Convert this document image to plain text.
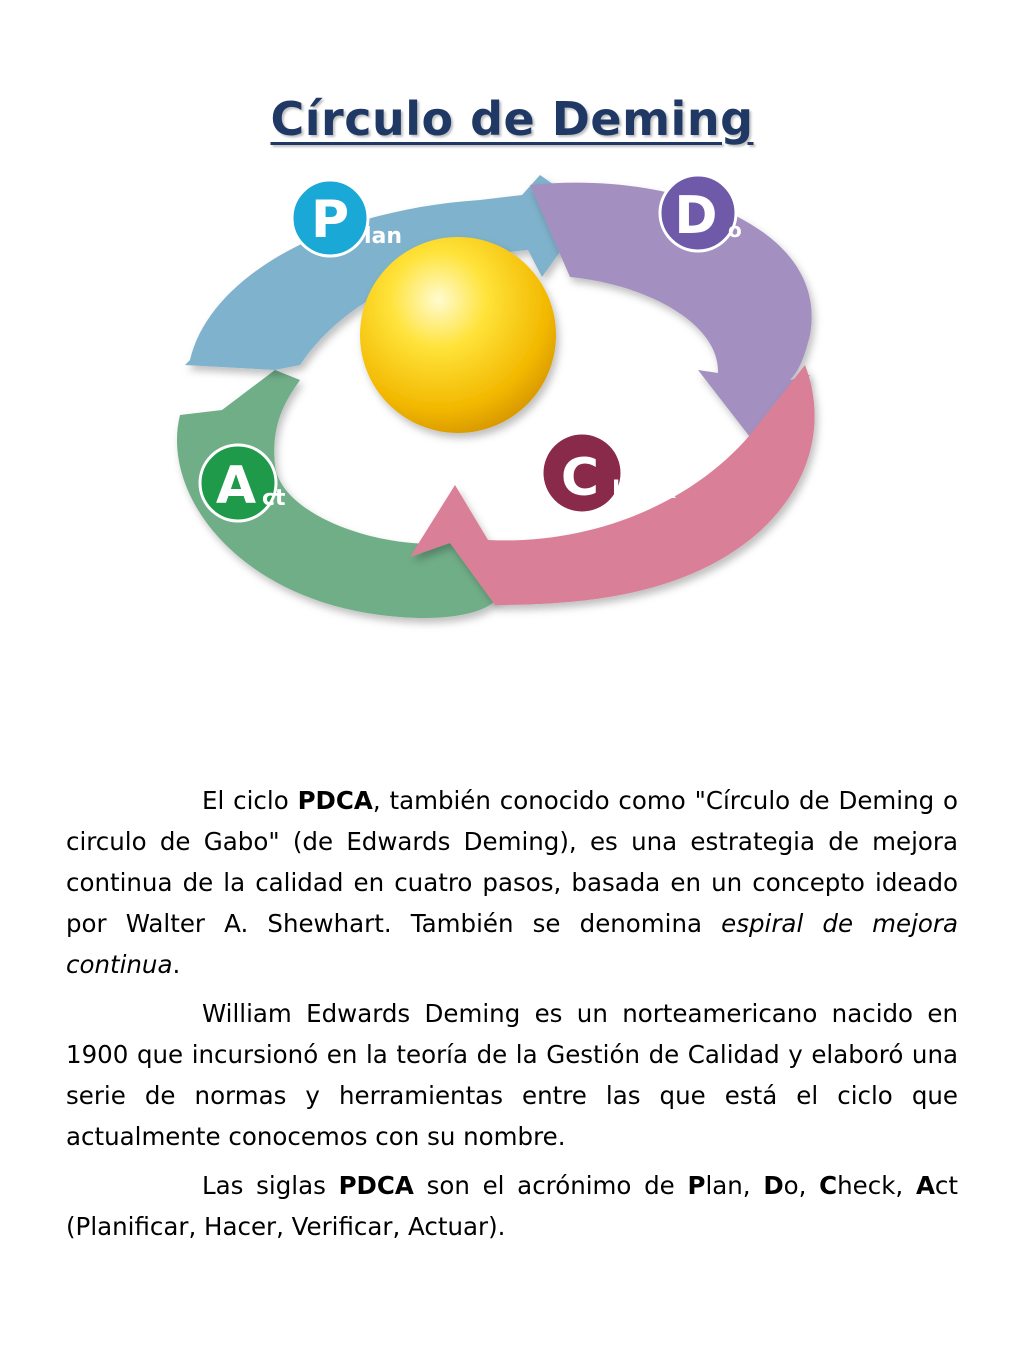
Círculo de Deming
P lan	D o
A ct	C heck

El ciclo PDCA, también conocido como "Círculo de Deming o circulo de Gabo" (de Edwards Deming), es una estrategia de mejora continua de la calidad en cuatro pasos, basada en un concepto ideado por Walter A. Shewhart. También se denomina espiral de mejora continua.

William Edwards Deming es un norteamericano nacido en 1900 que incursionó en la teoría de la Gestión de Calidad y elaboró una serie de normas y herramientas entre las que está el ciclo que actualmente conocemos con su nombre.

Las siglas PDCA son el acrónimo de Plan, Do, Check, Act (Planificar, Hacer, Verificar, Actuar).
